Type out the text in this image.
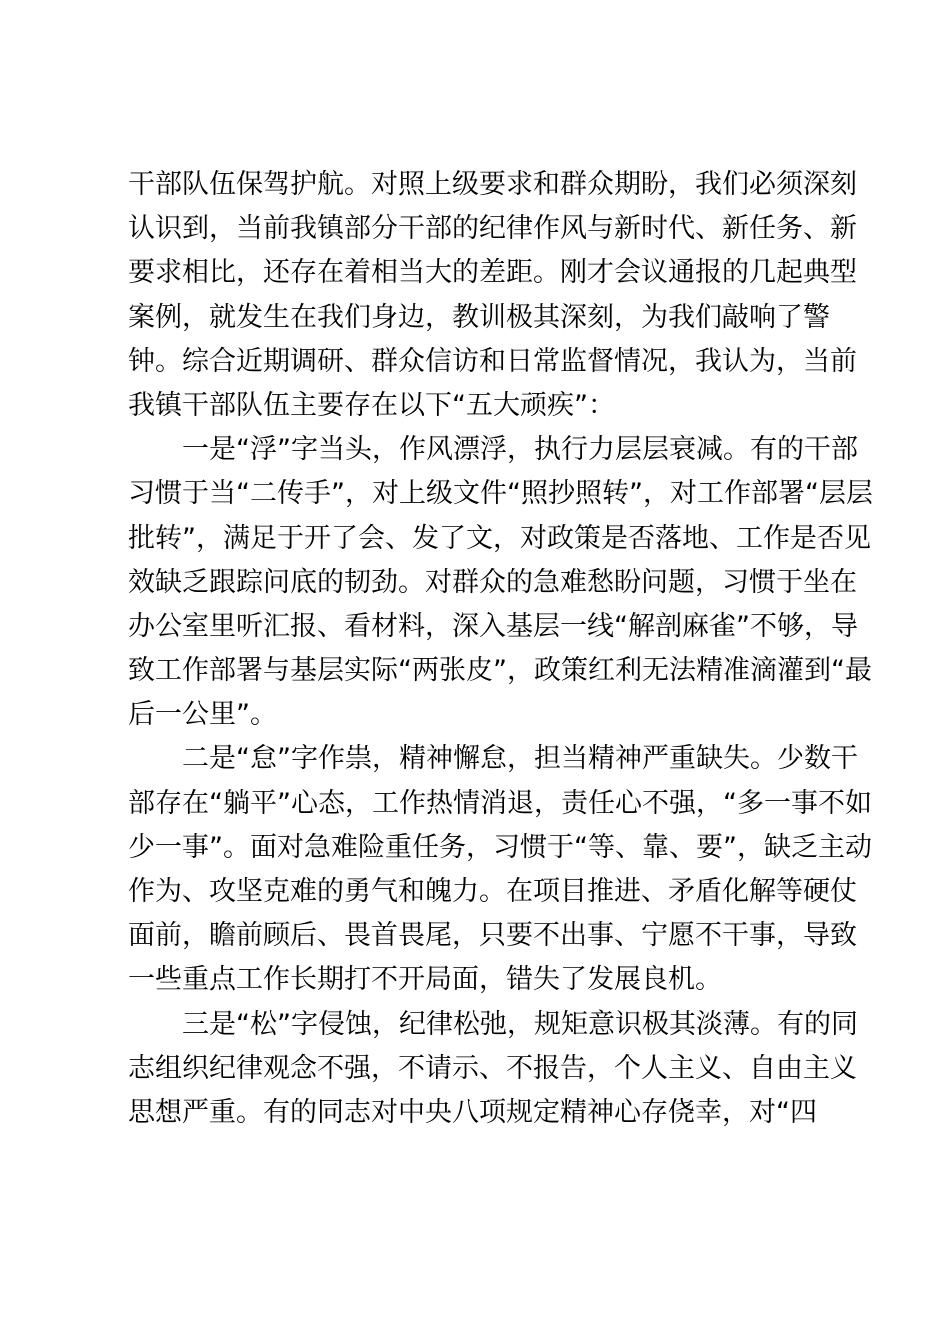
干部队伍保驾护航。对照上级要求和群众期盼，我们必须深刻
认识到，当前我镇部分干部的纪律作风与新时代、新任务、新
要求相比，还存在着相当大的差距。刚才会议通报的几起典型
案例，就发生在我们身边，教训极其深刻，为我们敲响了警
钟。综合近期调研、群众信访和日常监督情况，我认为，当前
我镇干部队伍主要存在以下“五大顽疾”：
一是“浮”字当头，作风漂浮，执行力层层衰减。有的干部
习惯于当“二传手”，对上级文件“照抄照转”，对工作部署“层层
批转”，满足于开了会、发了文，对政策是否落地、工作是否见
效缺乏跟踪问底的韧劲。对群众的急难愁盼问题，习惯于坐在
办公室里听汇报、看材料，深入基层一线“解剖麻雀”不够，导
致工作部署与基层实际“两张皮”，政策红利无法精准滴灌到“最
后一公里”。
二是“怠”字作祟，精神懈怠，担当精神严重缺失。少数干
部存在“躺平”心态，工作热情消退，责任心不强，“多一事不如
少一事”。面对急难险重任务，习惯于“等、靠、要”，缺乏主动
作为、攻坚克难的勇气和魄力。在项目推进、矛盾化解等硬仗
面前，瞻前顾后、畏首畏尾，只要不出事、宁愿不干事，导致
一些重点工作长期打不开局面，错失了发展良机。
三是“松”字侵蚀，纪律松弛，规矩意识极其淡薄。有的同
志组织纪律观念不强，不请示、不报告，个人主义、自由主义
思想严重。有的同志对中央八项规定精神心存侥幸，对“四
